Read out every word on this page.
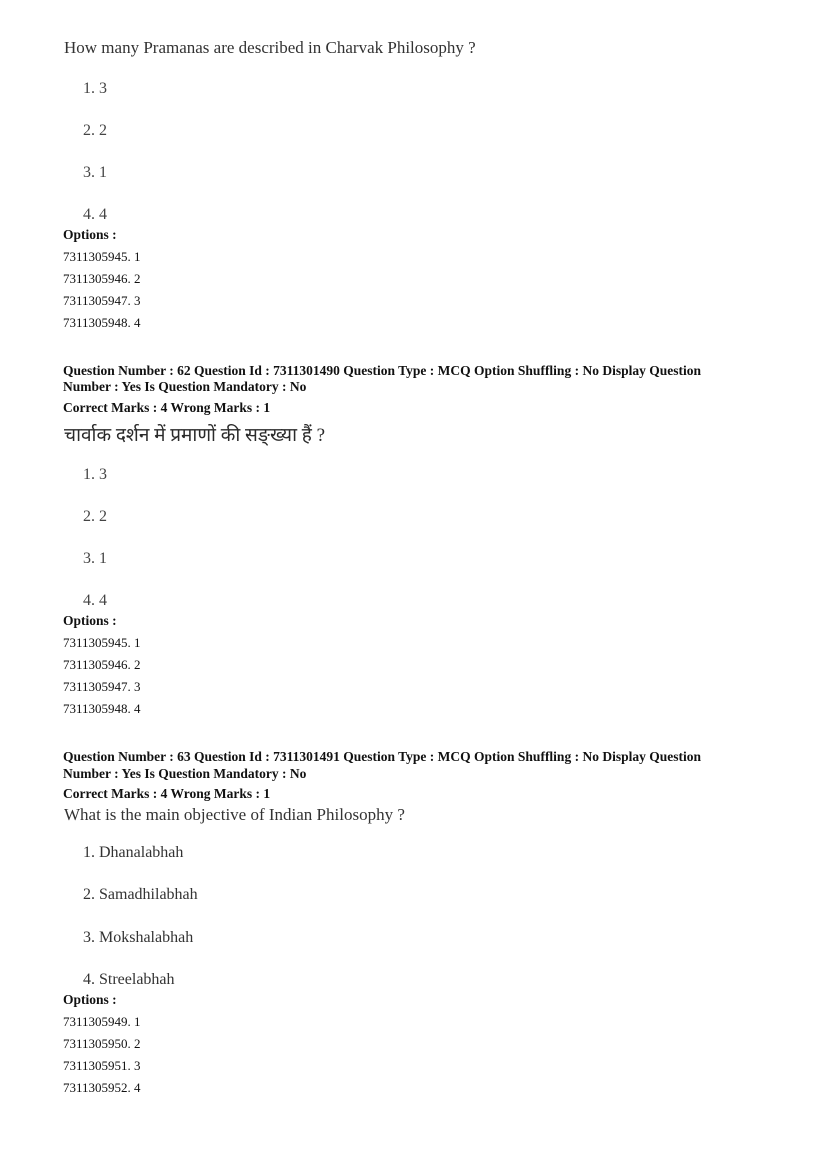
How many Pramanas are described in Charvak Philosophy ?
1. 3
2. 2
3. 1
4. 4
Options :
7311305945. 1
7311305946. 2
7311305947. 3
7311305948. 4
Question Number : 62 Question Id : 7311301490 Question Type : MCQ Option Shuffling : No Display Question
Number : Yes Is Question Mandatory : No
Correct Marks : 4 Wrong Marks : 1
चार्वाक दर्शन में प्रमाणों की सङ्ख्या हैं ?
1. 3
2. 2
3. 1
4. 4
Options :
7311305945. 1
7311305946. 2
7311305947. 3
7311305948. 4
Question Number : 63 Question Id : 7311301491 Question Type : MCQ Option Shuffling : No Display Question
Number : Yes Is Question Mandatory : No
Correct Marks : 4 Wrong Marks : 1
What is the main objective of Indian Philosophy ?
1. Dhanalabhah
2. Samadhilabhah
3. Mokshalabhah
4. Streelabhah
Options :
7311305949. 1
7311305950. 2
7311305951. 3
7311305952. 4
